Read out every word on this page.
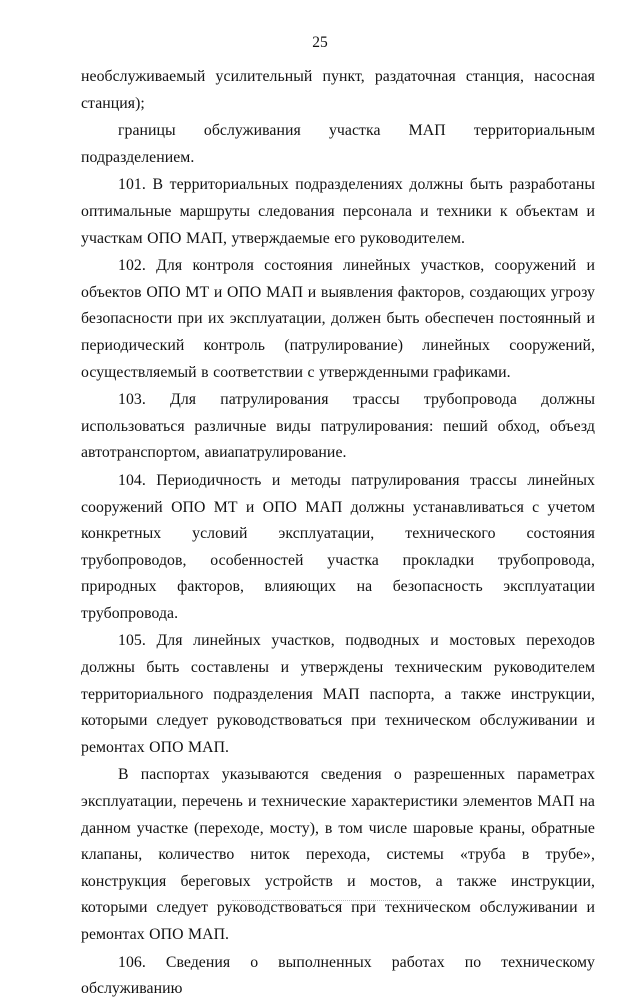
25

необслуживаемый усилительный пункт, раздаточная станция, насосная станция);

границы обслуживания участка МАП территориальным подразделением.

101. В территориальных подразделениях должны быть разработаны оптимальные маршруты следования персонала и техники к объектам и участкам ОПО МАП, утверждаемые его руководителем.

102. Для контроля состояния линейных участков, сооружений и объектов ОПО МТ и ОПО МАП и выявления факторов, создающих угрозу безопасности при их эксплуатации, должен быть обеспечен постоянный и периодический контроль (патрулирование) линейных сооружений, осуществляемый в соответствии с утвержденными графиками.

103. Для патрулирования трассы трубопровода должны использоваться различные виды патрулирования: пеший обход, объезд автотранспортом, авиапатрулирование.

104. Периодичность и методы патрулирования трассы линейных сооружений ОПО МТ и ОПО МАП должны устанавливаться с учетом конкретных условий эксплуатации, технического состояния трубопроводов, особенностей участка прокладки трубопровода, природных факторов, влияющих на безопасность эксплуатации трубопровода.

105. Для линейных участков, подводных и мостовых переходов должны быть составлены и утверждены техническим руководителем территориального подразделения МАП паспорта, а также инструкции, которыми следует руководствоваться при техническом обслуживании и ремонтах ОПО МАП.

В паспортах указываются сведения о разрешенных параметрах эксплуатации, перечень и технические характеристики элементов МАП на данном участке (переходе, мосту), в том числе шаровые краны, обратные клапаны, количество ниток перехода, системы «труба в трубе», конструкция береговых устройств и мостов, а также инструкции, которыми следует руководствоваться при техническом обслуживании и ремонтах ОПО МАП.

106. Сведения о выполненных работах по техническому обслуживанию
